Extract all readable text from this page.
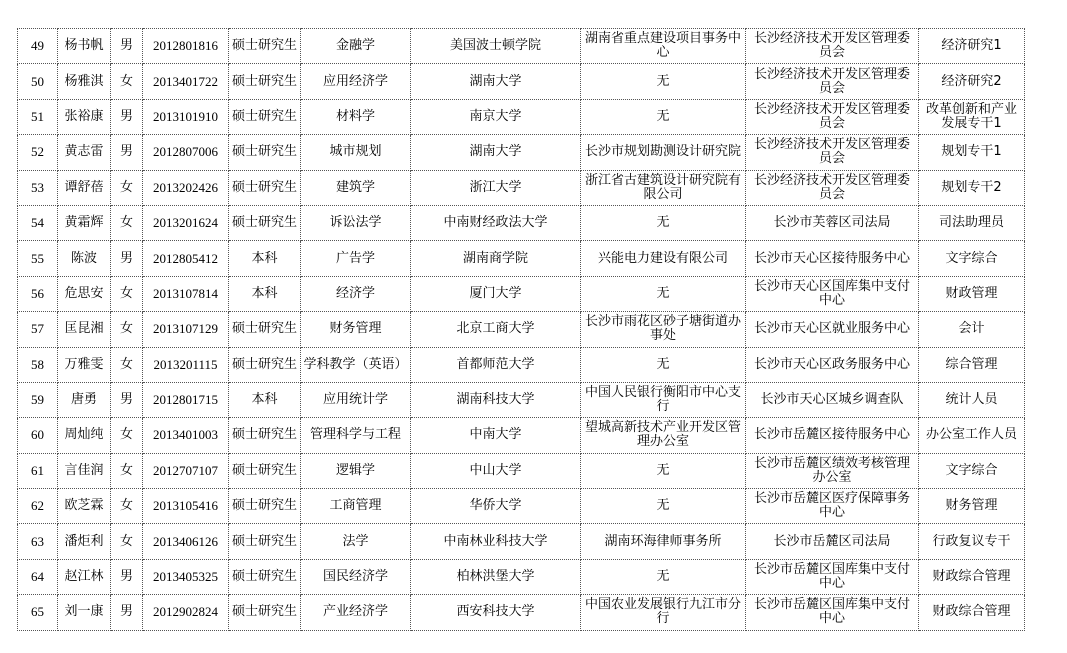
49	杨书帆	男	2012801816	硕士研究生	金融学	美国波士顿学院	湖南省重点建设项目事务中心	长沙经济技术开发区管理委员会	经济研究1
50	杨雅淇	女	2013401722	硕士研究生	应用经济学	湖南大学	无	长沙经济技术开发区管理委员会	经济研究2
51	张裕康	男	2013101910	硕士研究生	材料学	南京大学	无	长沙经济技术开发区管理委员会	改革创新和产业发展专干1
52	黄志雷	男	2012807006	硕士研究生	城市规划	湖南大学	长沙市规划勘测设计研究院	长沙经济技术开发区管理委员会	规划专干1
53	谭舒蓓	女	2013202426	硕士研究生	建筑学	浙江大学	浙江省古建筑设计研究院有限公司	长沙经济技术开发区管理委员会	规划专干2
54	黄霜辉	女	2013201624	硕士研究生	诉讼法学	中南财经政法大学	无	长沙市芙蓉区司法局	司法助理员
55	陈波	男	2012805412	本科	广告学	湖南商学院	兴能电力建设有限公司	长沙市天心区接待服务中心	文字综合
56	危思安	女	2013107814	本科	经济学	厦门大学	无	长沙市天心区国库集中支付中心	财政管理
57	匡昆湘	女	2013107129	硕士研究生	财务管理	北京工商大学	长沙市雨花区砂子塘街道办事处	长沙市天心区就业服务中心	会计
58	万雅雯	女	2013201115	硕士研究生	学科教学（英语）	首都师范大学	无	长沙市天心区政务服务中心	综合管理
59	唐勇	男	2012801715	本科	应用统计学	湖南科技大学	中国人民银行衡阳市中心支行	长沙市天心区城乡调查队	统计人员
60	周灿纯	女	2013401003	硕士研究生	管理科学与工程	中南大学	望城高新技术产业开发区管理办公室	长沙市岳麓区接待服务中心	办公室工作人员
61	言佳润	女	2012707107	硕士研究生	逻辑学	中山大学	无	长沙市岳麓区绩效考核管理办公室	文字综合
62	欧芝霖	女	2013105416	硕士研究生	工商管理	华侨大学	无	长沙市岳麓区医疗保障事务中心	财务管理
63	潘炬利	女	2013406126	硕士研究生	法学	中南林业科技大学	湖南环海律师事务所	长沙市岳麓区司法局	行政复议专干
64	赵江林	男	2013405325	硕士研究生	国民经济学	柏林洪堡大学	无	长沙市岳麓区国库集中支付中心	财政综合管理
65	刘一康	男	2012902824	硕士研究生	产业经济学	西安科技大学	中国农业发展银行九江市分行	长沙市岳麓区国库集中支付中心	财政综合管理
